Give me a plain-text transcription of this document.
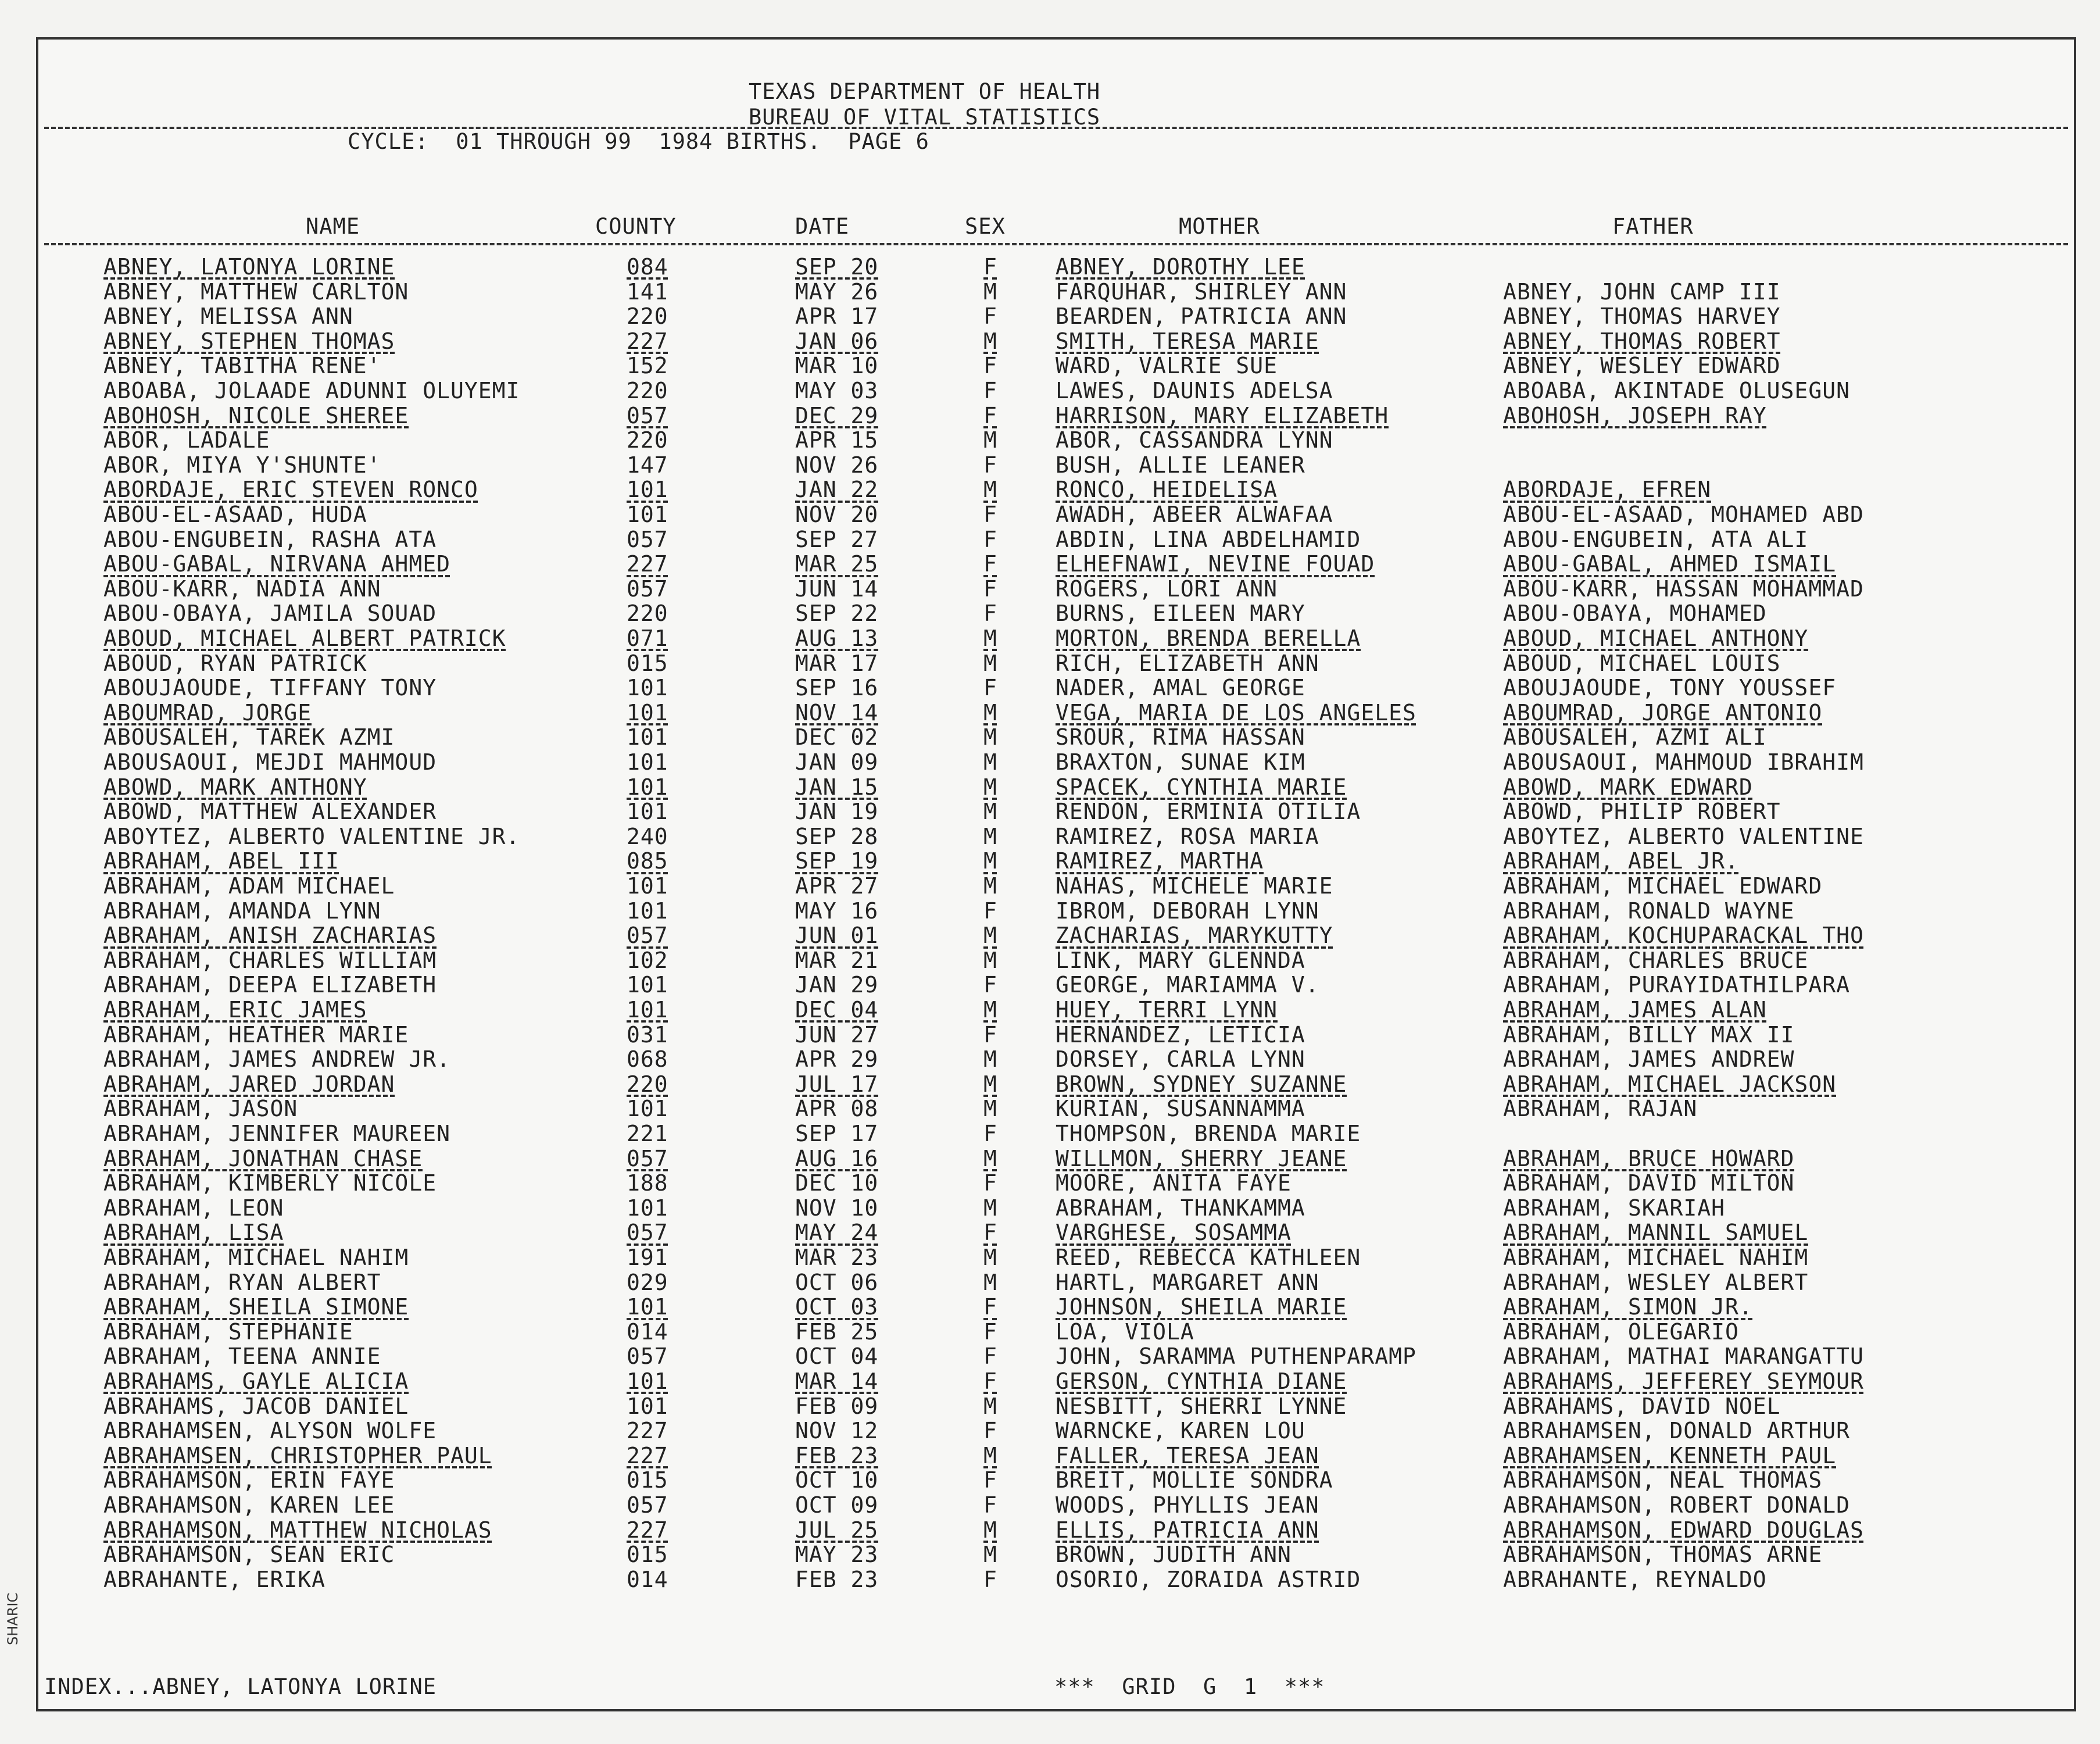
SHARIC
TEXAS DEPARTMENT OF HEALTH
BUREAU OF VITAL STATISTICS
CYCLE:  01 THROUGH 99  1984 BIRTHS.  PAGE 6
NAME	COUNTY	DATE	SEX	MOTHER	FATHER
ABNEY, LATONYA LORINE	084	SEP 20	F	ABNEY, DOROTHY LEE
ABNEY, MATTHEW CARLTON	141	MAY 26	M	FARQUHAR, SHIRLEY ANN	ABNEY, JOHN CAMP III
ABNEY, MELISSA ANN	220	APR 17	F	BEARDEN, PATRICIA ANN	ABNEY, THOMAS HARVEY
ABNEY, STEPHEN THOMAS	227	JAN 06	M	SMITH, TERESA MARIE	ABNEY, THOMAS ROBERT
ABNEY, TABITHA RENE'	152	MAR 10	F	WARD, VALRIE SUE	ABNEY, WESLEY EDWARD
ABOABA, JOLAADE ADUNNI OLUYEMI	220	MAY 03	F	LAWES, DAUNIS ADELSA	ABOABA, AKINTADE OLUSEGUN
ABOHOSH, NICOLE SHEREE	057	DEC 29	F	HARRISON, MARY ELIZABETH	ABOHOSH, JOSEPH RAY
ABOR, LADALE	220	APR 15	M	ABOR, CASSANDRA LYNN
ABOR, MIYA Y'SHUNTE'	147	NOV 26	F	BUSH, ALLIE LEANER
ABORDAJE, ERIC STEVEN RONCO	101	JAN 22	M	RONCO, HEIDELISA	ABORDAJE, EFREN
ABOU-EL-ASAAD, HUDA	101	NOV 20	F	AWADH, ABEER ALWAFAA	ABOU-EL-ASAAD, MOHAMED ABD
ABOU-ENGUBEIN, RASHA ATA	057	SEP 27	F	ABDIN, LINA ABDELHAMID	ABOU-ENGUBEIN, ATA ALI
ABOU-GABAL, NIRVANA AHMED	227	MAR 25	F	ELHEFNAWI, NEVINE FOUAD	ABOU-GABAL, AHMED ISMAIL
ABOU-KARR, NADIA ANN	057	JUN 14	F	ROGERS, LORI ANN	ABOU-KARR, HASSAN MOHAMMAD
ABOU-OBAYA, JAMILA SOUAD	220	SEP 22	F	BURNS, EILEEN MARY	ABOU-OBAYA, MOHAMED
ABOUD, MICHAEL ALBERT PATRICK	071	AUG 13	M	MORTON, BRENDA BERELLA	ABOUD, MICHAEL ANTHONY
ABOUD, RYAN PATRICK	015	MAR 17	M	RICH, ELIZABETH ANN	ABOUD, MICHAEL LOUIS
ABOUJAOUDE, TIFFANY TONY	101	SEP 16	F	NADER, AMAL GEORGE	ABOUJAOUDE, TONY YOUSSEF
ABOUMRAD, JORGE	101	NOV 14	M	VEGA, MARIA DE LOS ANGELES	ABOUMRAD, JORGE ANTONIO
ABOUSALEH, TAREK AZMI	101	DEC 02	M	SROUR, RIMA HASSAN	ABOUSALEH, AZMI ALI
ABOUSAOUI, MEJDI MAHMOUD	101	JAN 09	M	BRAXTON, SUNAE KIM	ABOUSAOUI, MAHMOUD IBRAHIM
ABOWD, MARK ANTHONY	101	JAN 15	M	SPACEK, CYNTHIA MARIE	ABOWD, MARK EDWARD
ABOWD, MATTHEW ALEXANDER	101	JAN 19	M	RENDON, ERMINIA OTILIA	ABOWD, PHILIP ROBERT
ABOYTEZ, ALBERTO VALENTINE JR.	240	SEP 28	M	RAMIREZ, ROSA MARIA	ABOYTEZ, ALBERTO VALENTINE
ABRAHAM, ABEL III	085	SEP 19	M	RAMIREZ, MARTHA	ABRAHAM, ABEL JR.
ABRAHAM, ADAM MICHAEL	101	APR 27	M	NAHAS, MICHELE MARIE	ABRAHAM, MICHAEL EDWARD
ABRAHAM, AMANDA LYNN	101	MAY 16	F	IBROM, DEBORAH LYNN	ABRAHAM, RONALD WAYNE
ABRAHAM, ANISH ZACHARIAS	057	JUN 01	M	ZACHARIAS, MARYKUTTY	ABRAHAM, KOCHUPARACKAL THO
ABRAHAM, CHARLES WILLIAM	102	MAR 21	M	LINK, MARY GLENNDA	ABRAHAM, CHARLES BRUCE
ABRAHAM, DEEPA ELIZABETH	101	JAN 29	F	GEORGE, MARIAMMA V.	ABRAHAM, PURAYIDATHILPARA
ABRAHAM, ERIC JAMES	101	DEC 04	M	HUEY, TERRI LYNN	ABRAHAM, JAMES ALAN
ABRAHAM, HEATHER MARIE	031	JUN 27	F	HERNANDEZ, LETICIA	ABRAHAM, BILLY MAX II
ABRAHAM, JAMES ANDREW JR.	068	APR 29	M	DORSEY, CARLA LYNN	ABRAHAM, JAMES ANDREW
ABRAHAM, JARED JORDAN	220	JUL 17	M	BROWN, SYDNEY SUZANNE	ABRAHAM, MICHAEL JACKSON
ABRAHAM, JASON	101	APR 08	M	KURIAN, SUSANNAMMA	ABRAHAM, RAJAN
ABRAHAM, JENNIFER MAUREEN	221	SEP 17	F	THOMPSON, BRENDA MARIE
ABRAHAM, JONATHAN CHASE	057	AUG 16	M	WILLMON, SHERRY JEANE	ABRAHAM, BRUCE HOWARD
ABRAHAM, KIMBERLY NICOLE	188	DEC 10	F	MOORE, ANITA FAYE	ABRAHAM, DAVID MILTON
ABRAHAM, LEON	101	NOV 10	M	ABRAHAM, THANKAMMA	ABRAHAM, SKARIAH
ABRAHAM, LISA	057	MAY 24	F	VARGHESE, SOSAMMA	ABRAHAM, MANNIL SAMUEL
ABRAHAM, MICHAEL NAHIM	191	MAR 23	M	REED, REBECCA KATHLEEN	ABRAHAM, MICHAEL NAHIM
ABRAHAM, RYAN ALBERT	029	OCT 06	M	HARTL, MARGARET ANN	ABRAHAM, WESLEY ALBERT
ABRAHAM, SHEILA SIMONE	101	OCT 03	F	JOHNSON, SHEILA MARIE	ABRAHAM, SIMON JR.
ABRAHAM, STEPHANIE	014	FEB 25	F	LOA, VIOLA	ABRAHAM, OLEGARIO
ABRAHAM, TEENA ANNIE	057	OCT 04	F	JOHN, SARAMMA PUTHENPARAMP	ABRAHAM, MATHAI MARANGATTU
ABRAHAMS, GAYLE ALICIA	101	MAR 14	F	GERSON, CYNTHIA DIANE	ABRAHAMS, JEFFEREY SEYMOUR
ABRAHAMS, JACOB DANIEL	101	FEB 09	M	NESBITT, SHERRI LYNNE	ABRAHAMS, DAVID NOEL
ABRAHAMSEN, ALYSON WOLFE	227	NOV 12	F	WARNCKE, KAREN LOU	ABRAHAMSEN, DONALD ARTHUR
ABRAHAMSEN, CHRISTOPHER PAUL	227	FEB 23	M	FALLER, TERESA JEAN	ABRAHAMSEN, KENNETH PAUL
ABRAHAMSON, ERIN FAYE	015	OCT 10	F	BREIT, MOLLIE SONDRA	ABRAHAMSON, NEAL THOMAS
ABRAHAMSON, KAREN LEE	057	OCT 09	F	WOODS, PHYLLIS JEAN	ABRAHAMSON, ROBERT DONALD
ABRAHAMSON, MATTHEW NICHOLAS	227	JUL 25	M	ELLIS, PATRICIA ANN	ABRAHAMSON, EDWARD DOUGLAS
ABRAHAMSON, SEAN ERIC	015	MAY 23	M	BROWN, JUDITH ANN	ABRAHAMSON, THOMAS ARNE
ABRAHANTE, ERIKA	014	FEB 23	F	OSORIO, ZORAIDA ASTRID	ABRAHANTE, REYNALDO
INDEX...ABNEY, LATONYA LORINE	***  GRID  G  1  ***
